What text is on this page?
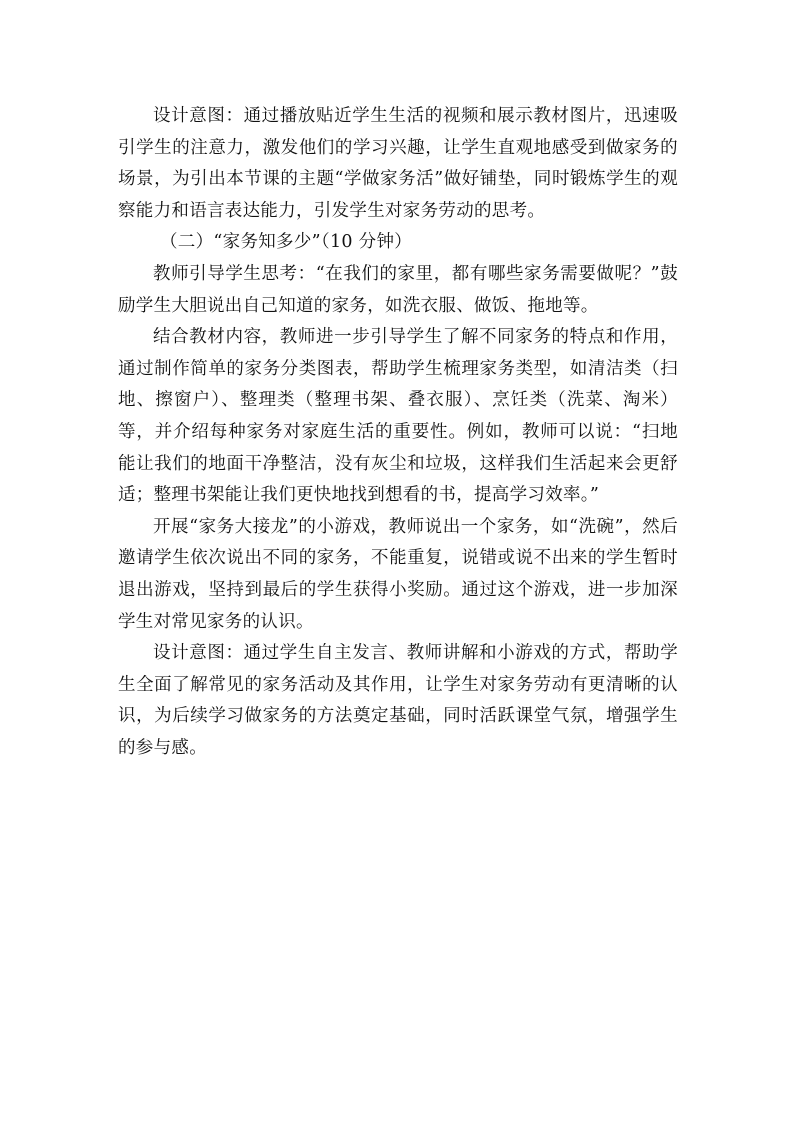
设计意图：通过播放贴近学生生活的视频和展示教材图片，迅速吸引学生的注意力，激发他们的学习兴趣，让学生直观地感受到做家务的场景，为引出本节课的主题“学做家务活”做好铺垫，同时锻炼学生的观察能力和语言表达能力，引发学生对家务劳动的思考。

（二）“家务知多少”（10 分钟）

教师引导学生思考：“在我们的家里，都有哪些家务需要做呢？”鼓励学生大胆说出自己知道的家务，如洗衣服、做饭、拖地等。

结合教材内容，教师进一步引导学生了解不同家务的特点和作用，通过制作简单的家务分类图表，帮助学生梳理家务类型，如清洁类（扫地、擦窗户）、整理类（整理书架、叠衣服）、烹饪类（洗菜、淘米）等，并介绍每种家务对家庭生活的重要性。例如，教师可以说：“扫地能让我们的地面干净整洁，没有灰尘和垃圾，这样我们生活起来会更舒适；整理书架能让我们更快地找到想看的书，提高学习效率。”

开展“家务大接龙”的小游戏，教师说出一个家务，如“洗碗”，然后邀请学生依次说出不同的家务，不能重复，说错或说不出来的学生暂时退出游戏，坚持到最后的学生获得小奖励。通过这个游戏，进一步加深学生对常见家务的认识。

设计意图：通过学生自主发言、教师讲解和小游戏的方式，帮助学生全面了解常见的家务活动及其作用，让学生对家务劳动有更清晰的认识，为后续学习做家务的方法奠定基础，同时活跃课堂气氛，增强学生的参与感。
